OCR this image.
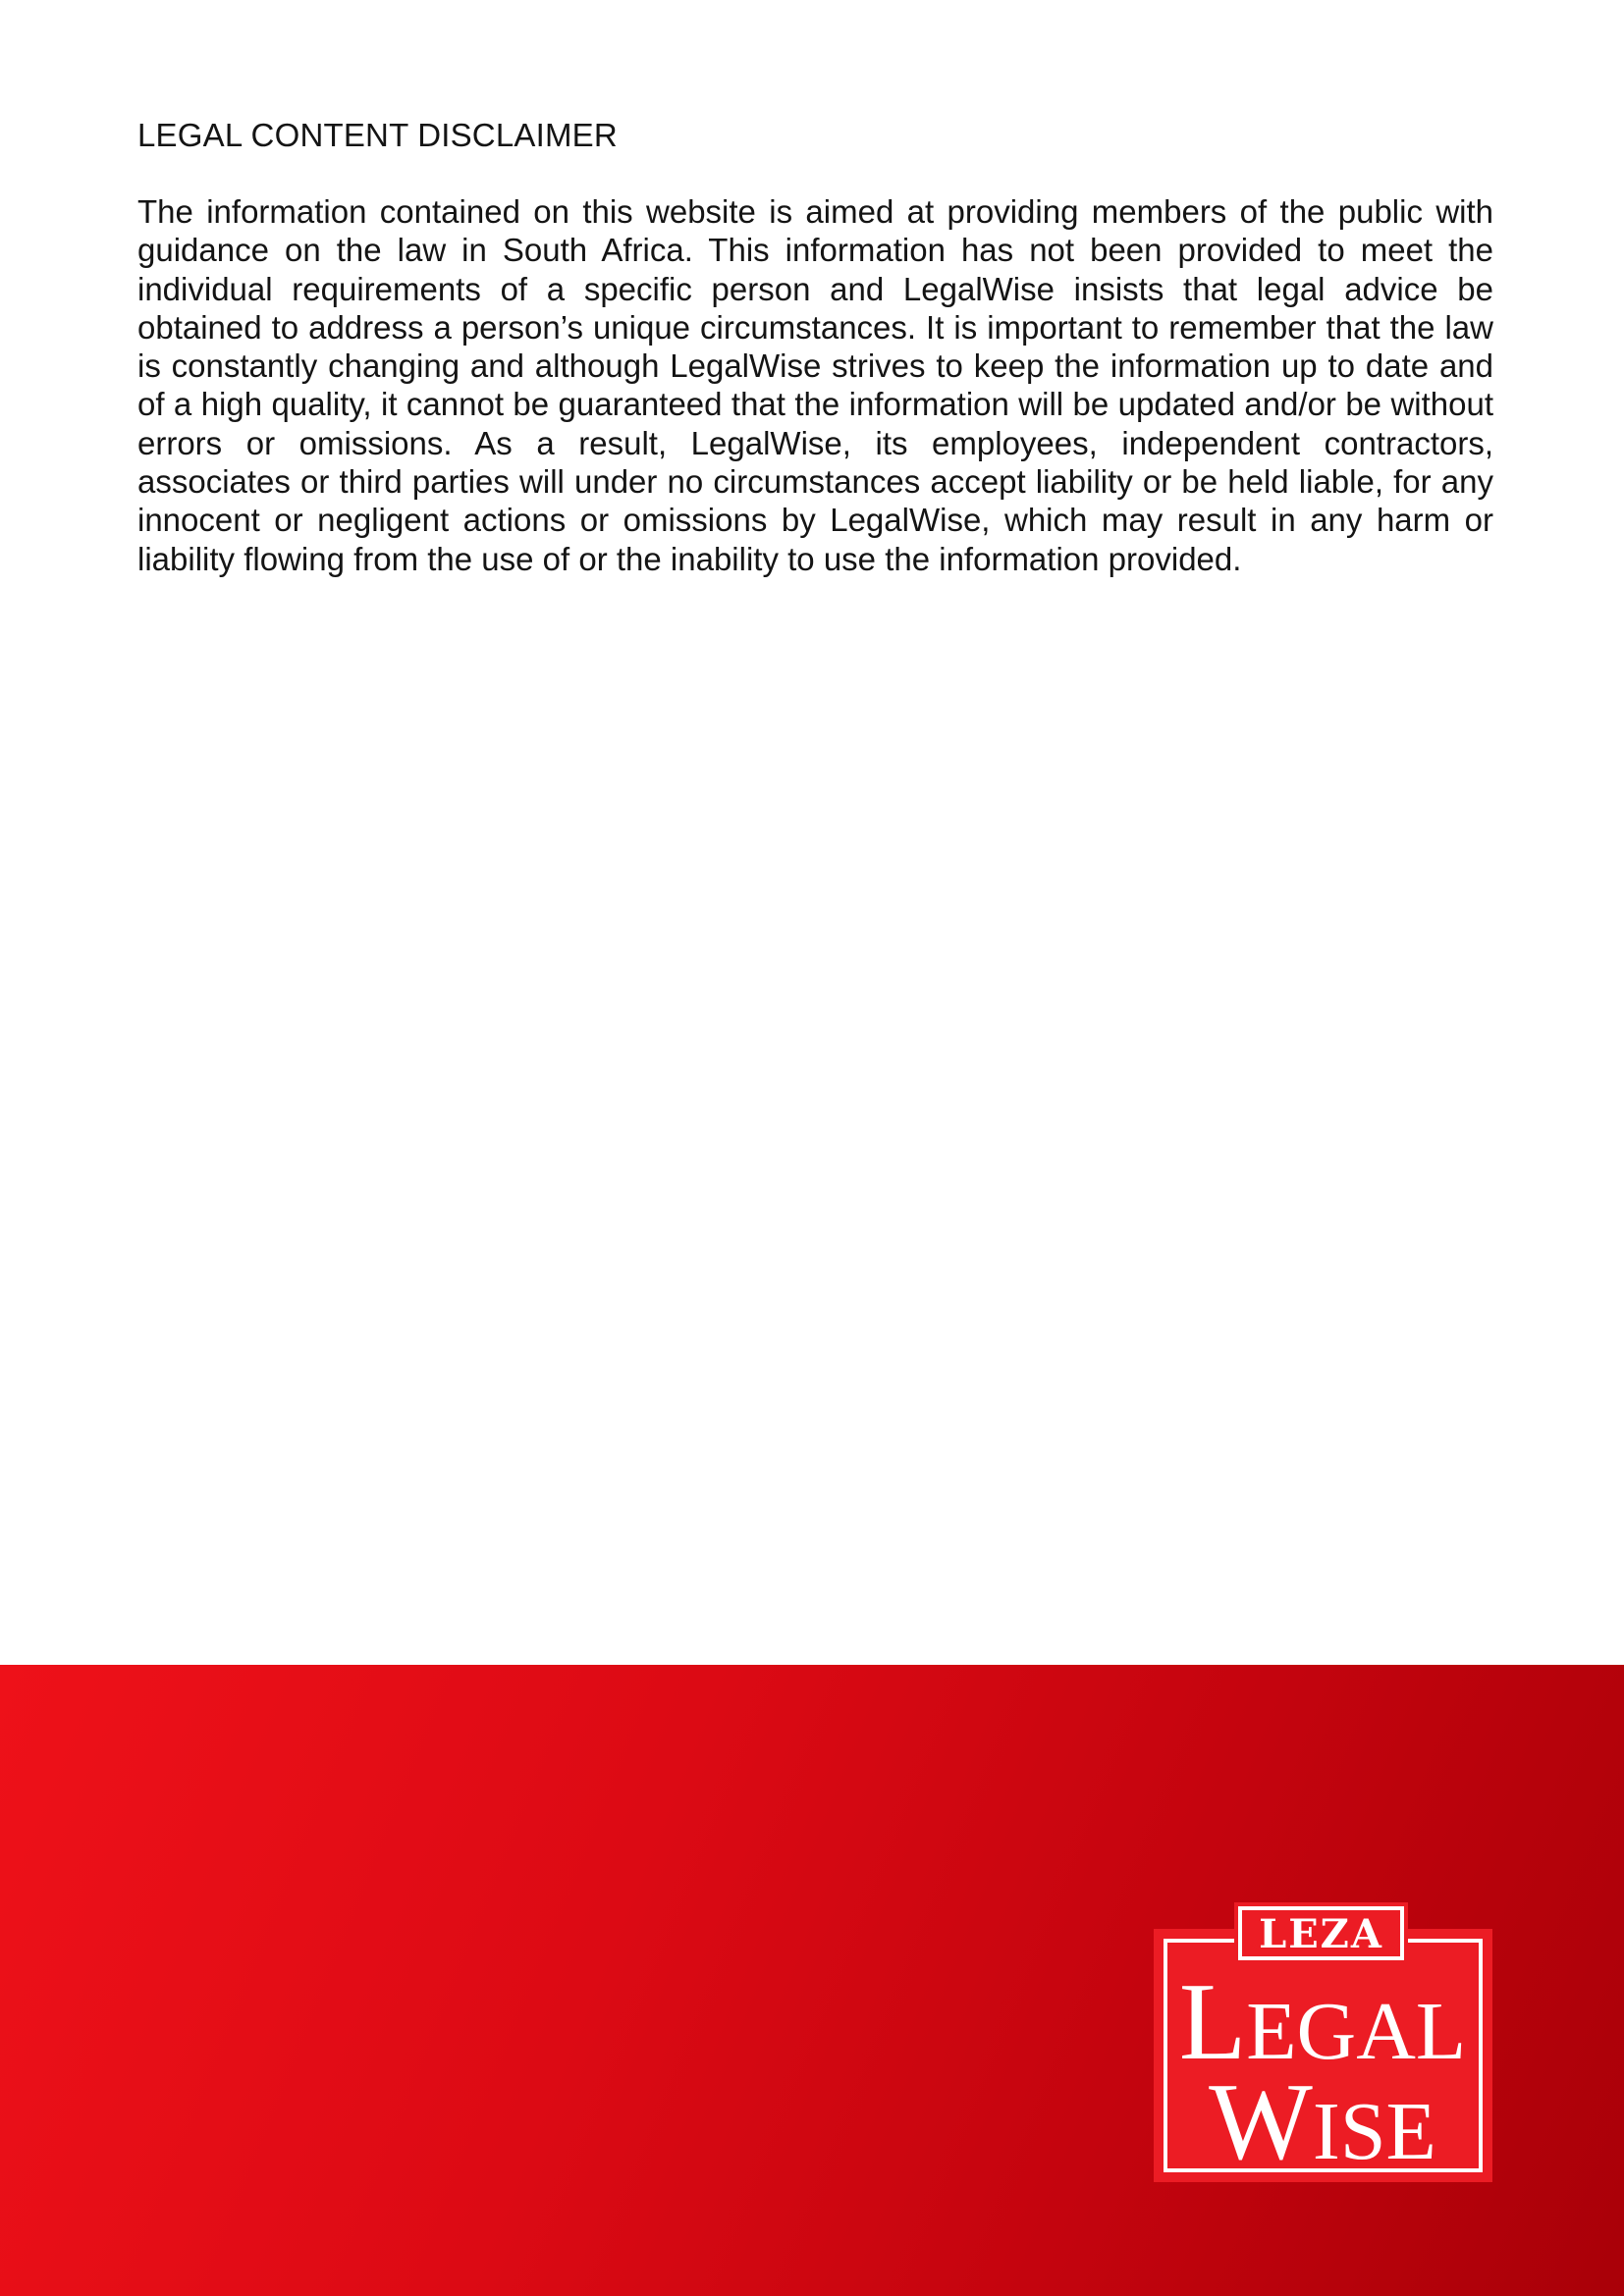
LEGAL CONTENT DISCLAIMER

The information contained on this website is aimed at providing members of the public with guidance on the law in South Africa. This information has not been provided to meet the individual requirements of a specific person and LegalWise insists that legal advice be obtained to address a person’s unique circumstances. It is important to remember that the law is constantly changing and although LegalWise strives to keep the information up to date and of a high quality, it cannot be guaranteed that the information will be updated and/or be without errors or omissions. As a result, LegalWise, its employees, independent contractors, associates or third parties will under no circumstances accept liability or be held liable, for any innocent or negligent actions or omissions by LegalWise, which may result in any harm or liability flowing from the use of or the inability to use the information provided.

LEZA
LEGAL
WISE
